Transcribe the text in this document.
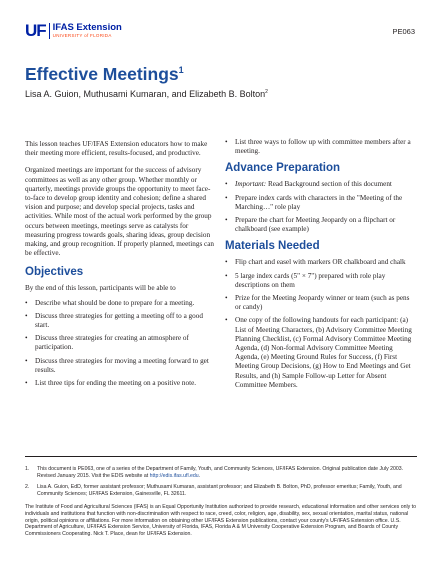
UF IFAS Extension
UNIVERSITY of FLORIDA	PE063
Effective Meetings$^1$
Lisa A. Guion, Muthusami Kumaran, and Elizabeth B. Bolton$^2$

This lesson teaches UF/IFAS Extension educators how to make their meeting more efficient, results-focused, and productive.

Organized meetings are important for the success of advisory committees as well as any other group. Whether monthly or quarterly, meetings provide groups the opportunity to meet face-to-face to develop group identity and cohesion; define a shared vision and purpose; and develop special projects, tasks and activities. While most of the actual work performed by the group occurs between meetings, meetings serve as catalysts for measuring progress towards goals, sharing ideas, group decision making, and group recognition. If properly planned, meetings can be effective.

Objectives

By the end of this lesson, participants will be able to

• Describe what should be done to prepare for a meeting.
• Discuss three strategies for getting a meeting off to a good start.
• Discuss three strategies for creating an atmosphere of participation.
• Discuss three strategies for moving a meeting forward to get results.
• List three tips for ending the meeting on a positive note.
• List three ways to follow up with committee members after a meeting.
Advance Preparation
• Important: Read Background section of this document
• Prepare index cards with characters in the "Meeting of the Marching…" role play
• Prepare the chart for Meeting Jeopardy on a flipchart or chalkboard (see example)
Materials Needed
• Flip chart and easel with markers OR chalkboard and chalk
• 5 large index cards (5" × 7") prepared with role play descriptions on them
• Prize for the Meeting Jeopardy winner or team (such as pens or candy)
• One copy of the following handouts for each participant: (a) List of Meeting Characters, (b) Advisory Committee Meeting Planning Checklist, (c) Formal Advisory Committee Meeting Agenda, (d) Non-formal Advisory Committee Meeting Agenda, (e) Meeting Ground Rules for Success, (f) First Meeting Group Decisions, (g) How to End Meetings and Get Results, and (h) Sample Follow-up Letter for Absent Committee Members.
1.	This document is PE063, one of a series of the Department of Family, Youth, and Community Sciences, UF/IFAS Extension. Original publication date July 2003. Revised January 2015. Visit the EDIS website at http://edis.ifas.ufl.edu.
2.	Lisa A. Guion, EdD, former assistant professor; Muthusami Kumaran, assistant professor; and Elizabeth B. Bolton, PhD, professor emeritus; Family, Youth, and Community Sciences; UF/IFAS Extension, Gainesville, FL 32611.
The Institute of Food and Agricultural Sciences (IFAS) is an Equal Opportunity Institution authorized to provide research, educational information and other services only to individuals and institutions that function with non-discrimination with respect to race, creed, color, religion, age, disability, sex, sexual orientation, marital status, national origin, political opinions or affiliations. For more information on obtaining other UF/IFAS Extension publications, contact your county's UF/IFAS Extension office. U.S. Department of Agriculture, UF/IFAS Extension Service, University of Florida, IFAS, Florida A & M University Cooperative Extension Program, and Boards of County Commissioners Cooperating. Nick T. Place, dean for UF/IFAS Extension.
